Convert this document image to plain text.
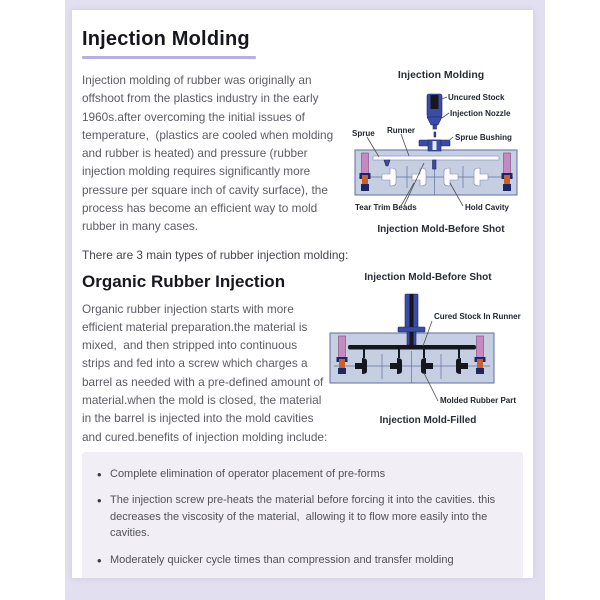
Injection Molding

Injection molding of rubber was originally an offshoot from the plastics industry in the early 1960s.after overcoming the initial issues of temperature,  (plastics are cooled when molding and rubber is heated) and pressure (rubber injection molding requires significantly more pressure per square inch of cavity surface), the process has become an efficient way to mold rubber in many cases.

Injection Molding
Uncured Stock
Injection Nozzle
Sprue Bushing
Runner
Sprue
Tear Trim Beads	Hold Cavity
Injection Mold-Before Shot

There are 3 main types of rubber injection molding:

Organic Rubber Injection

Organic rubber injection starts with more efficient material preparation.the material is mixed,  and then stripped into continuous strips and fed into a screw which charges a barrel as needed with a pre-defined amount of material.when the mold is closed, the material in the barrel is injected into the mold cavities and cured.benefits of injection molding include:

Injection Mold-Before Shot
Cured Stock In Runner
Molded Rubber Part
Injection Mold-Filled
• Complete elimination of operator placement of pre-forms
• The injection screw pre-heats the material before forcing it into the cavities. this decreases the viscosity of the material,  allowing it to flow more easily into the cavities.
• Moderately quicker cycle times than compression and transfer molding
